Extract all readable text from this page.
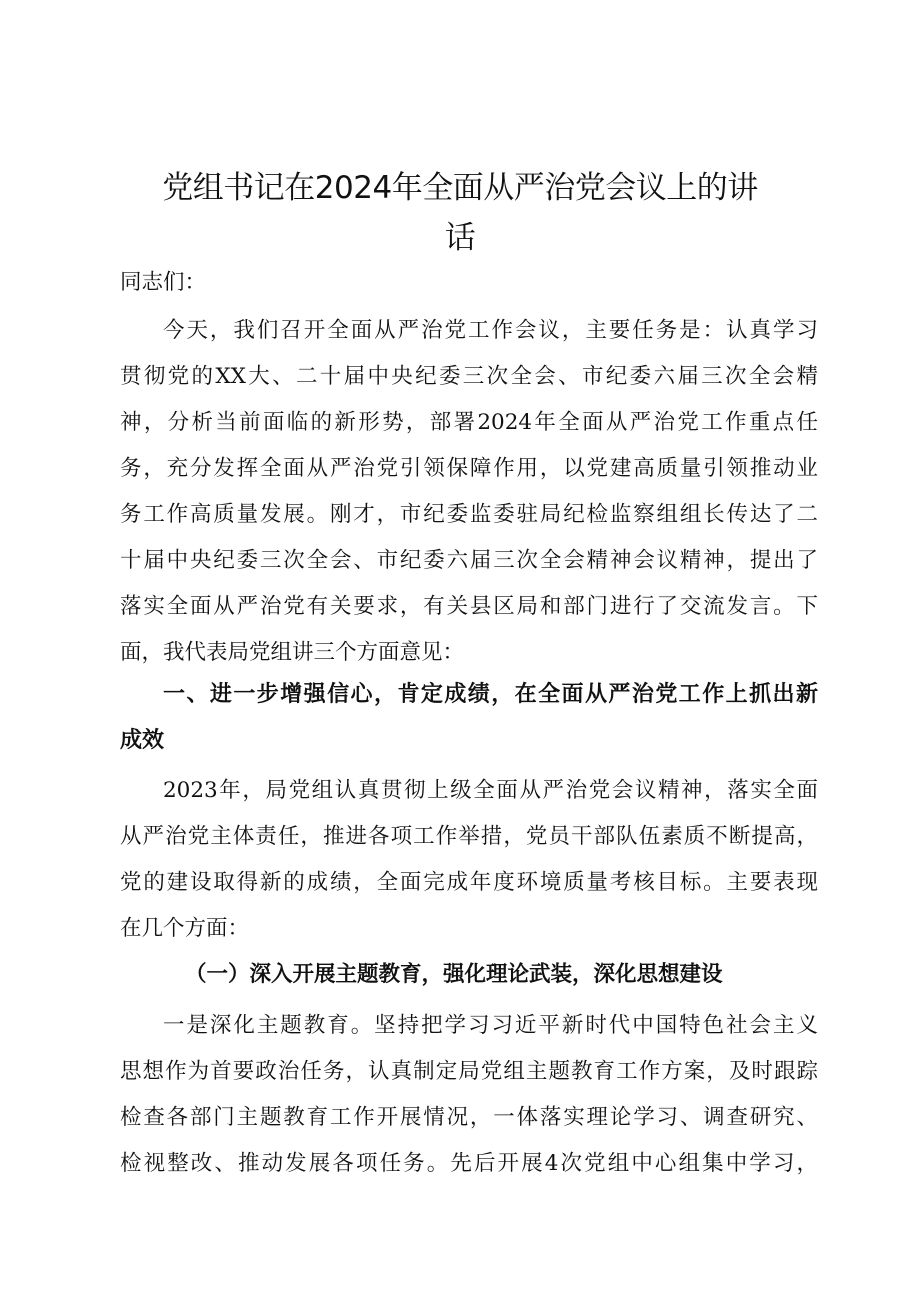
党组书记在2024年全面从严治党会议上的讲
话
同志们：
今天，我们召开全面从严治党工作会议，主要任务是：认真学习
贯彻党的XX大、二十届中央纪委三次全会、市纪委六届三次全会精
神，分析当前面临的新形势，部署2024年全面从严治党工作重点任
务，充分发挥全面从严治党引领保障作用，以党建高质量引领推动业
务工作高质量发展。刚才，市纪委监委驻局纪检监察组组长传达了二
十届中央纪委三次全会、市纪委六届三次全会精神会议精神，提出了
落实全面从严治党有关要求，有关县区局和部门进行了交流发言。下
面，我代表局党组讲三个方面意见：
一、进一步增强信心，肯定成绩，在全面从严治党工作上抓出新
成效
2023年，局党组认真贯彻上级全面从严治党会议精神，落实全面
从严治党主体责任，推进各项工作举措，党员干部队伍素质不断提高，
党的建设取得新的成绩，全面完成年度环境质量考核目标。主要表现
在几个方面：
（一）深入开展主题教育，强化理论武装，深化思想建设
一是深化主题教育。坚持把学习习近平新时代中国特色社会主义
思想作为首要政治任务，认真制定局党组主题教育工作方案，及时跟踪
检查各部门主题教育工作开展情况，一体落实理论学习、调查研究、
检视整改、推动发展各项任务。先后开展4次党组中心组集中学习，
